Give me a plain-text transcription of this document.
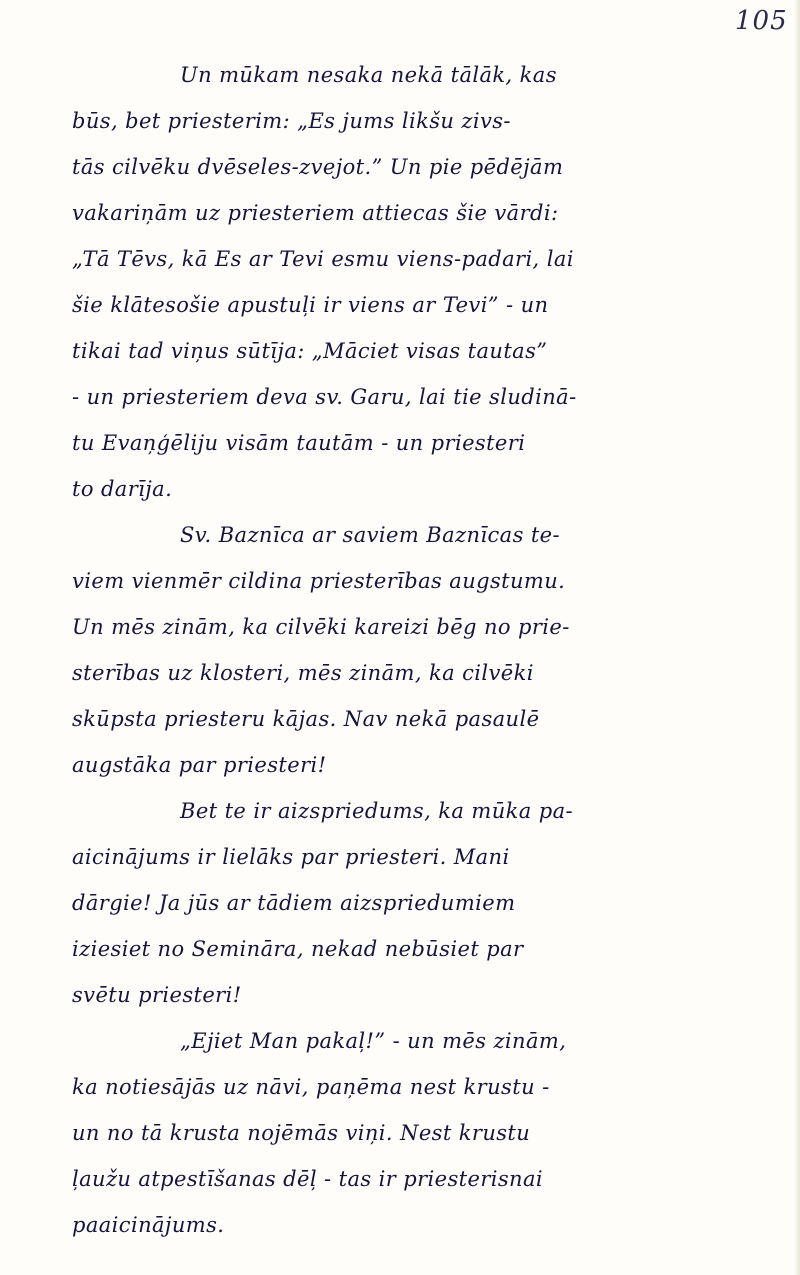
105
Un mūkam nesaka nekā tālāk, kas
būs, bet priesterim: „Es jums likšu zivs-
tās cilvēku dvēseles-zvejot.” Un pie pēdējām
vakariņām uz priesteriem attiecas šie vārdi:
„Tā Tēvs, kā Es ar Tevi esmu viens-padari, lai
šie klātesošie apustuļi ir viens ar Tevi” - un
tikai tad viņus sūtīja: „Māciet visas tautas”
- un priesteriem deva sv. Garu, lai tie sludinā-
tu Evaņģēliju visām tautām - un priesteri
to darīja.
Sv. Baznīca ar saviem Baznīcas te-
viem vienmēr cildina priesterības augstumu.
Un mēs zinām, ka cilvēki kareizi bēg no prie-
sterības uz klosteri, mēs zinām, ka cilvēki
skūpsta priesteru kājas. Nav nekā pasaulē
augstāka par priesteri!
Bet te ir aizspriedums, ka mūka pa-
aicinājums ir lielāks par priesteri. Mani
dārgie! Ja jūs ar tādiem aizspriedumiem
iziesiet no Semināra, nekad nebūsiet par
svētu priesteri!
„Ejiet Man pakaļ!” - un mēs zinām,
ka notiesājās uz nāvi, paņēma nest krustu -
un no tā krusta nojēmās viņi. Nest krustu
ļaužu atpestīšanas dēļ - tas ir priesterisnai
paaicinājums.
